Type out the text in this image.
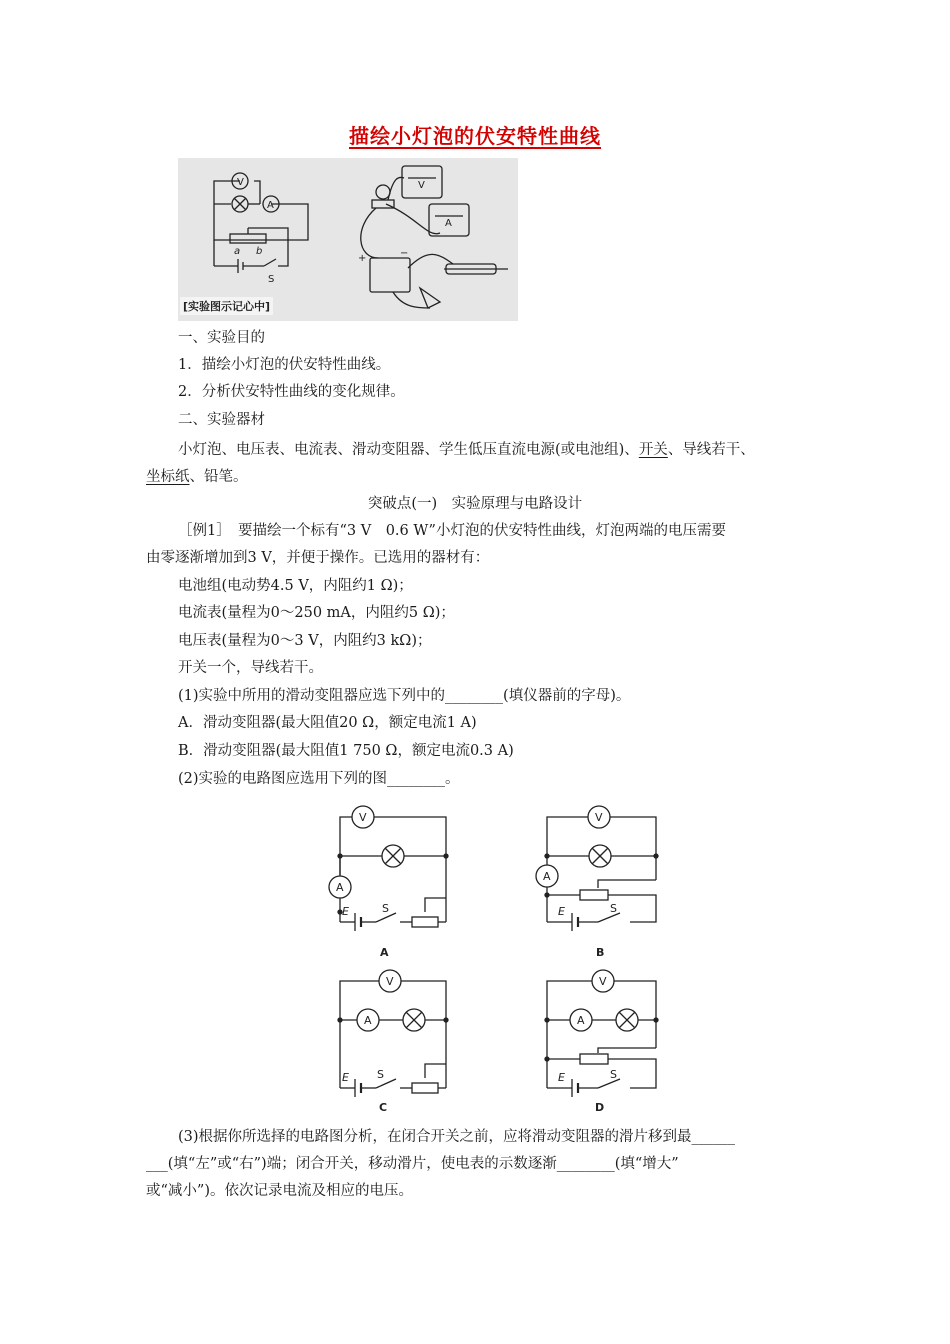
描绘小灯泡的伏安特性曲线
V
A
a b
S
V
A
+	−
[实验图示记心中]
一、实验目的
1．描绘小灯泡的伏安特性曲线。
2．分析伏安特性曲线的变化规律。
二、实验器材
小灯泡、电压表、电流表、滑动变阻器、学生低压直流电源(或电池组)、开关、导线若干、
坐标纸、铅笔。
突破点(一)　实验原理与电路设计
［例1］　要描绘一个标有“3 V　0.6 W”小灯泡的伏安特性曲线，灯泡两端的电压需要
由零逐渐增加到3 V，并便于操作。已选用的器材有：
电池组(电动势4.5 V，内阻约1 Ω)；
电流表(量程为0～250 mA，内阻约5 Ω)；
电压表(量程为0～3 V，内阻约3 kΩ)；
开关一个，导线若干。
(1)实验中所用的滑动变阻器应选下列中的________(填仪器前的字母)。
A．滑动变阻器(最大阻值20 Ω，额定电流1 A)
B．滑动变阻器(最大阻值1 750 Ω，额定电流0.3 A)
(2)实验的电路图应选用下列的图________。
V
A
E	S
V
A
E	S
V
A
E	S
V
A
E	S
A	B
C	D
(3)根据你所选择的电路图分析，在闭合开关之前，应将滑动变阻器的滑片移到最______
___(填“左”或“右”)端；闭合开关，移动滑片，使电表的示数逐渐________(填“增大”
或“减小”)。依次记录电流及相应的电压。
